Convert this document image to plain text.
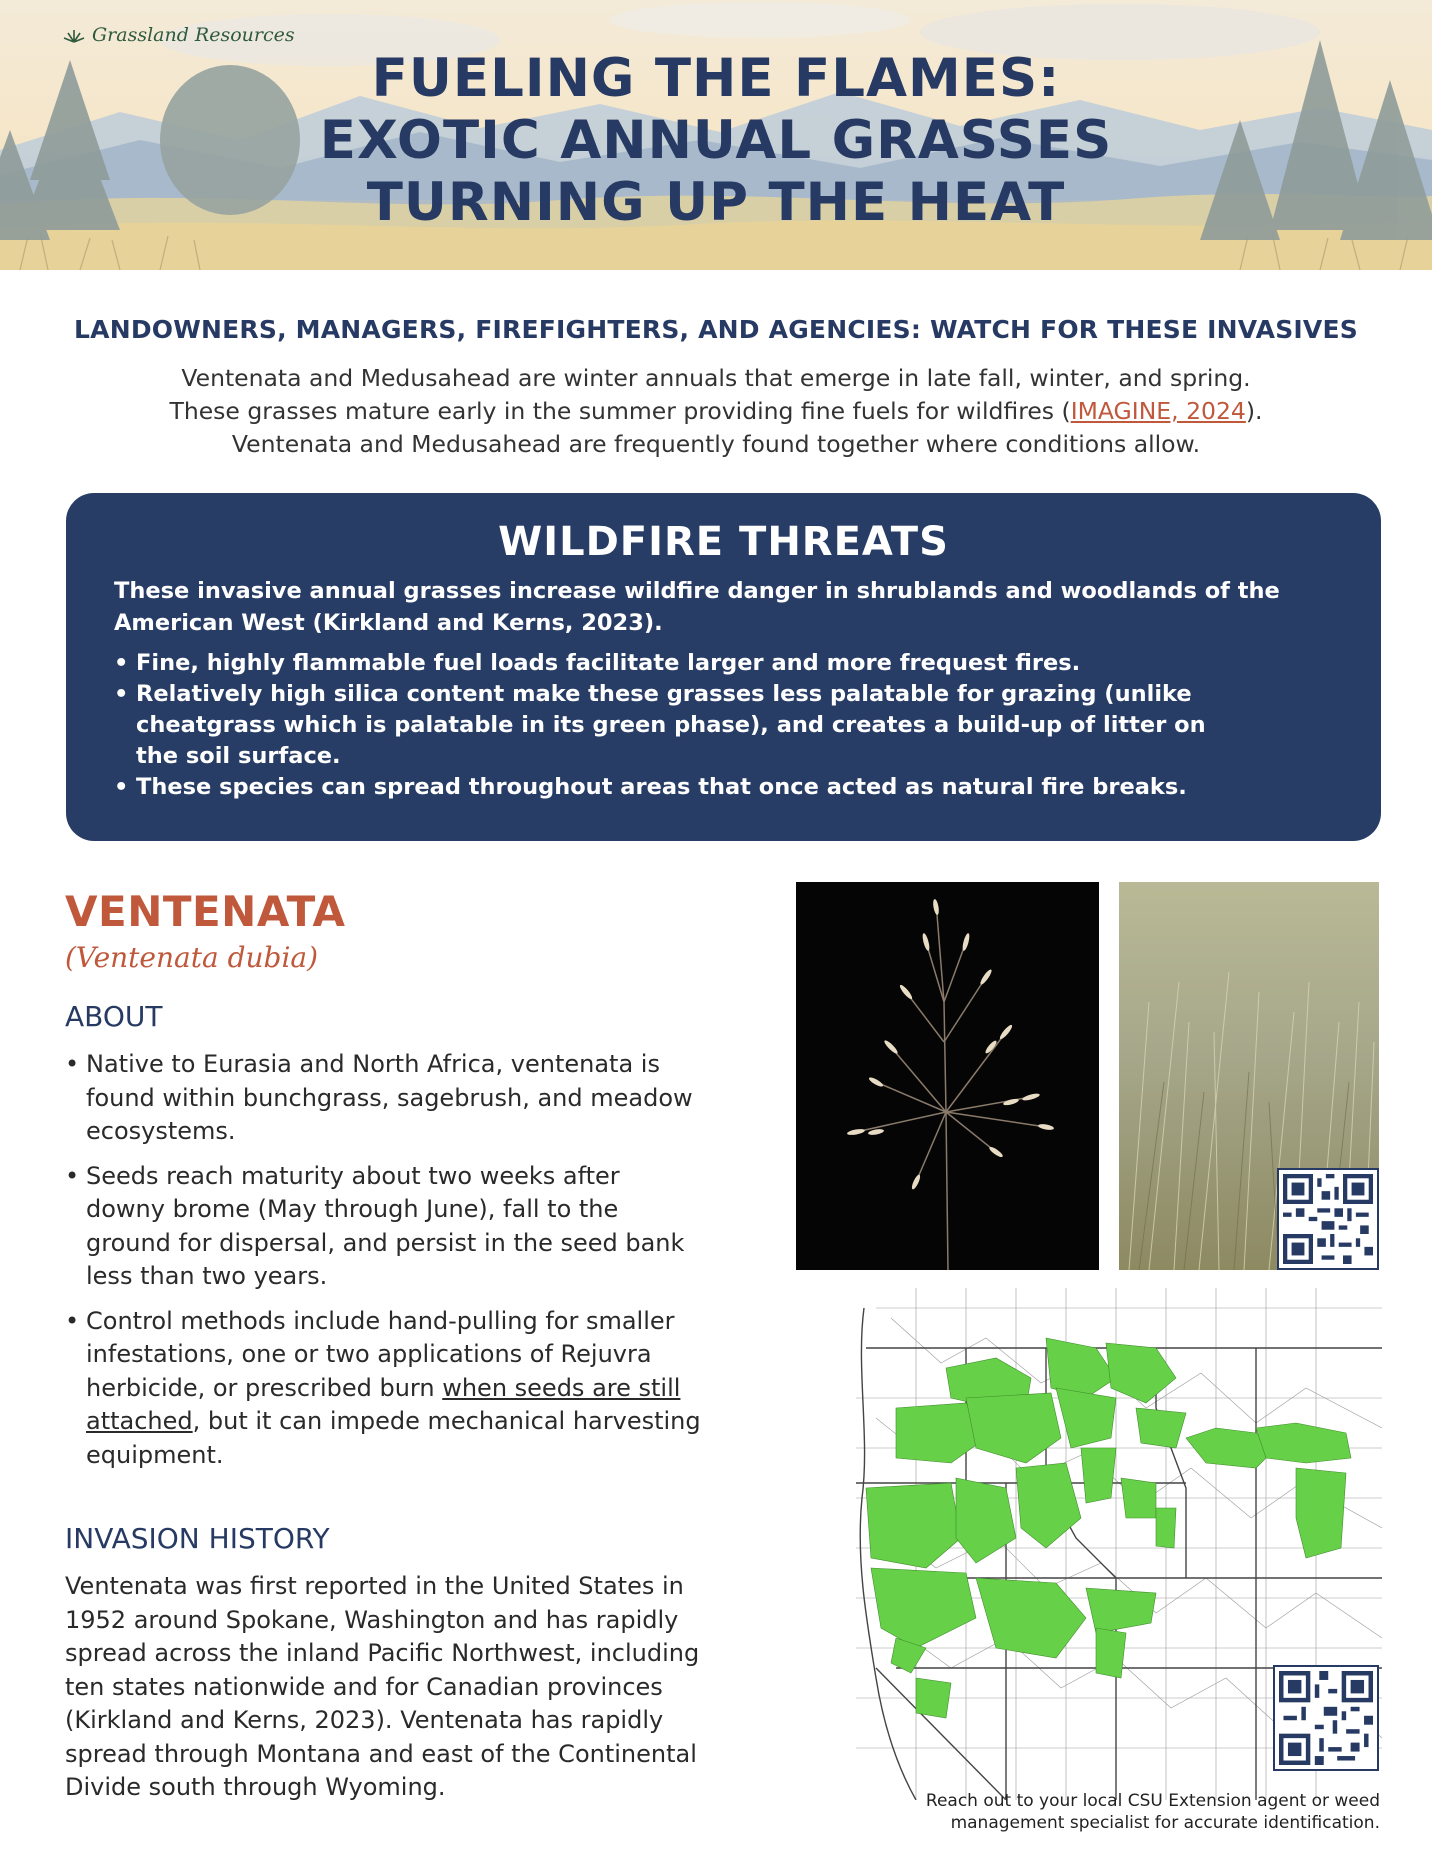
Grassland Resources
FUELING THE FLAMES:
EXOTIC ANNUAL GRASSES
TURNING UP THE HEAT
LANDOWNERS, MANAGERS, FIREFIGHTERS, AND AGENCIES: WATCH FOR THESE INVASIVES
Ventenata and Medusahead are winter annuals that emerge in late fall, winter, and spring.
These grasses mature early in the summer providing fine fuels for wildfires (IMAGINE, 2024).
Ventenata and Medusahead are frequently found together where conditions allow.
WILDFIRE THREATS
These invasive annual grasses increase wildfire danger in shrublands and woodlands of the American West (Kirkland and Kerns, 2023).
• Fine, highly flammable fuel loads facilitate larger and more frequest fires.
• Relatively high silica content make these grasses less palatable for grazing (unlike cheatgrass which is palatable in its green phase), and creates a build-up of litter on the soil surface.
• These species can spread throughout areas that once acted as natural fire breaks.
VENTENATA
(Ventenata dubia)
ABOUT
• Native to Eurasia and North Africa, ventenata is found within bunchgrass, sagebrush, and meadow ecosystems.
• Seeds reach maturity about two weeks after downy brome (May through June), fall to the ground for dispersal, and persist in the seed bank less than two years.
• Control methods include hand-pulling for smaller infestations, one or two applications of Rejuvra herbicide, or prescribed burn when seeds are still attached, but it can impede mechanical harvesting equipment.
INVASION HISTORY
Ventenata was first reported in the United States in 1952 around Spokane, Washington and has rapidly spread across the inland Pacific Northwest, including ten states nationwide and for Canadian provinces (Kirkland and Kerns, 2023). Ventenata has rapidly spread through Montana and east of the Continental Divide south through Wyoming.	Reach out to your local CSU Extension agent or weed management specialist for accurate identification.
